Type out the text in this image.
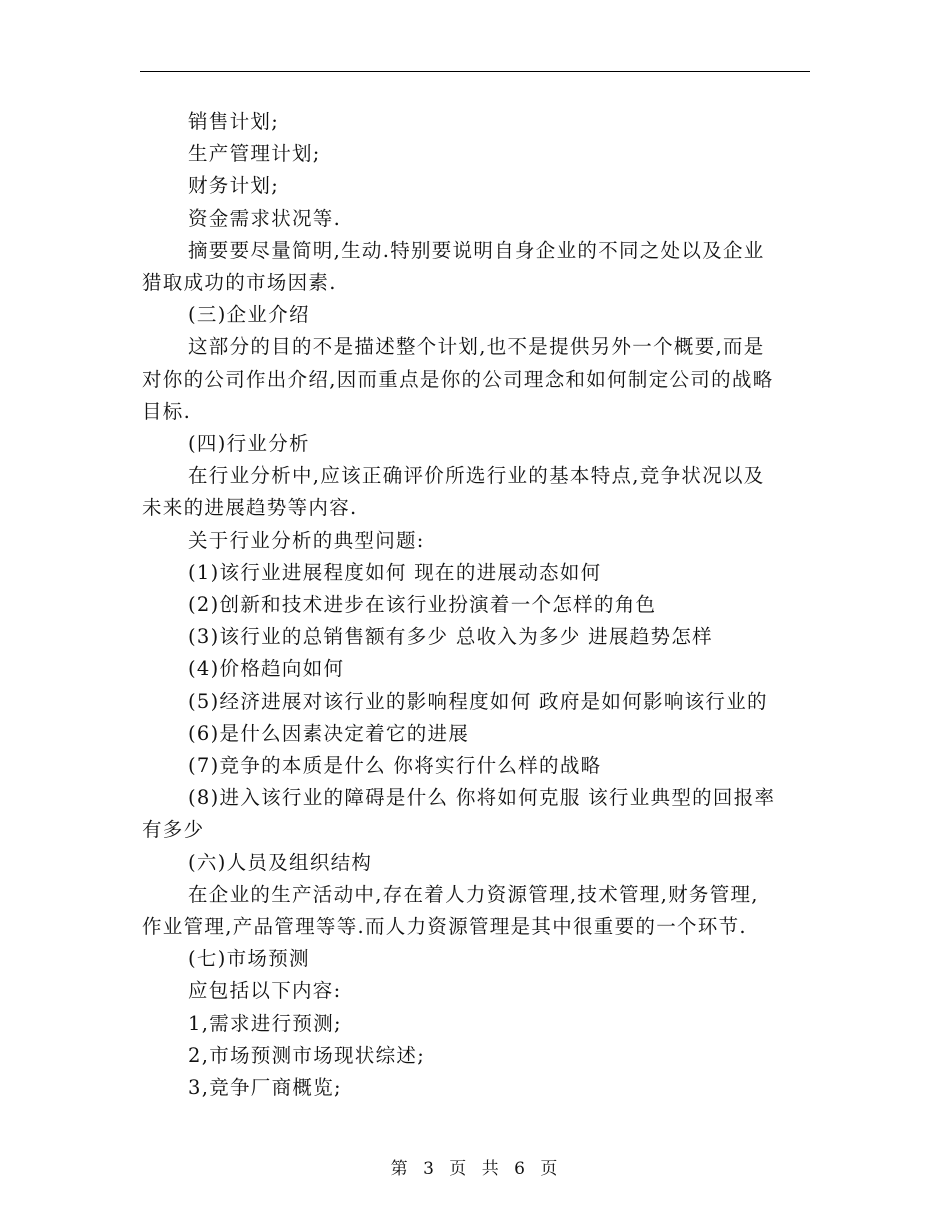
销售计划;

生产管理计划;

财务计划;

资金需求状况等.

摘要要尽量简明,生动.特别要说明自身企业的不同之处以及企业

猎取成功的市场因素.

(三)企业介绍

这部分的目的不是描述整个计划,也不是提供另外一个概要,而是

对你的公司作出介绍,因而重点是你的公司理念和如何制定公司的战略

目标.

(四)行业分析

在行业分析中,应该正确评价所选行业的基本特点,竞争状况以及

未来的进展趋势等内容.

关于行业分析的典型问题:

(1)该行业进展程度如何 现在的进展动态如何

(2)创新和技术进步在该行业扮演着一个怎样的角色

(3)该行业的总销售额有多少 总收入为多少 进展趋势怎样

(4)价格趋向如何

(5)经济进展对该行业的影响程度如何 政府是如何影响该行业的

(6)是什么因素决定着它的进展

(7)竞争的本质是什么 你将实行什么样的战略

(8)进入该行业的障碍是什么 你将如何克服 该行业典型的回报率

有多少

(六)人员及组织结构

在企业的生产活动中,存在着人力资源管理,技术管理,财务管理,

作业管理,产品管理等等.而人力资源管理是其中很重要的一个环节.

(七)市场预测

应包括以下内容:

1,需求进行预测;

2,市场预测市场现状综述;

3,竞争厂商概览;

第 3 页 共 6 页
